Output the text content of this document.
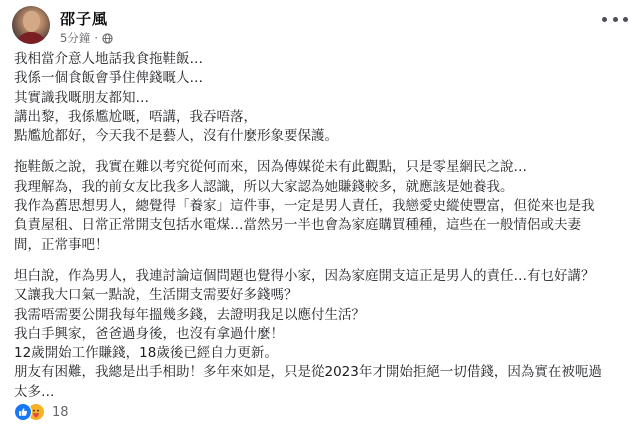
邵子風
5分鐘 ·
我相當介意人地話我食拖鞋飯…
我係一個食飯會爭住俾錢嘅人…
其實識我嘅朋友都知…
講出黎，我係尷尬嘅，唔講，我吞唔落，
點尷尬都好，今天我不是藝人，沒有什麼形象要保護。
拖鞋飯之說，我實在難以考究從何而來，因為傳媒從未有此觀點，只是零星網民之說…
我理解為，我的前女友比我多人認識，所以大家認為她賺錢較多，就應該是她養我。
我作為舊思想男人，總覺得「養家」這件事，一定是男人責任，我戀愛史縱使豐富，但從來也是我
負責屋租、日常正常開支包括水電煤…當然另一半也會為家庭購買種種，這些在一般情侶或夫妻
間，正常事吧！
坦白說，作為男人，我連討論這個問題也覺得小家，因為家庭開支這正是男人的責任…有乜好講？
又讓我大口氣一點說，生活開支需要好多錢嗎？
我需唔需要公開我每年搵幾多錢，去證明我足以應付生活？
我白手興家，爸爸過身後，也沒有拿過什麼！
12歲開始工作賺錢，18歲後已經自力更新。
朋友有困難，我總是出手相助！多年來如是，只是從2023年才開始拒絕一切借錢，因為實在被呃過
太多…
18
